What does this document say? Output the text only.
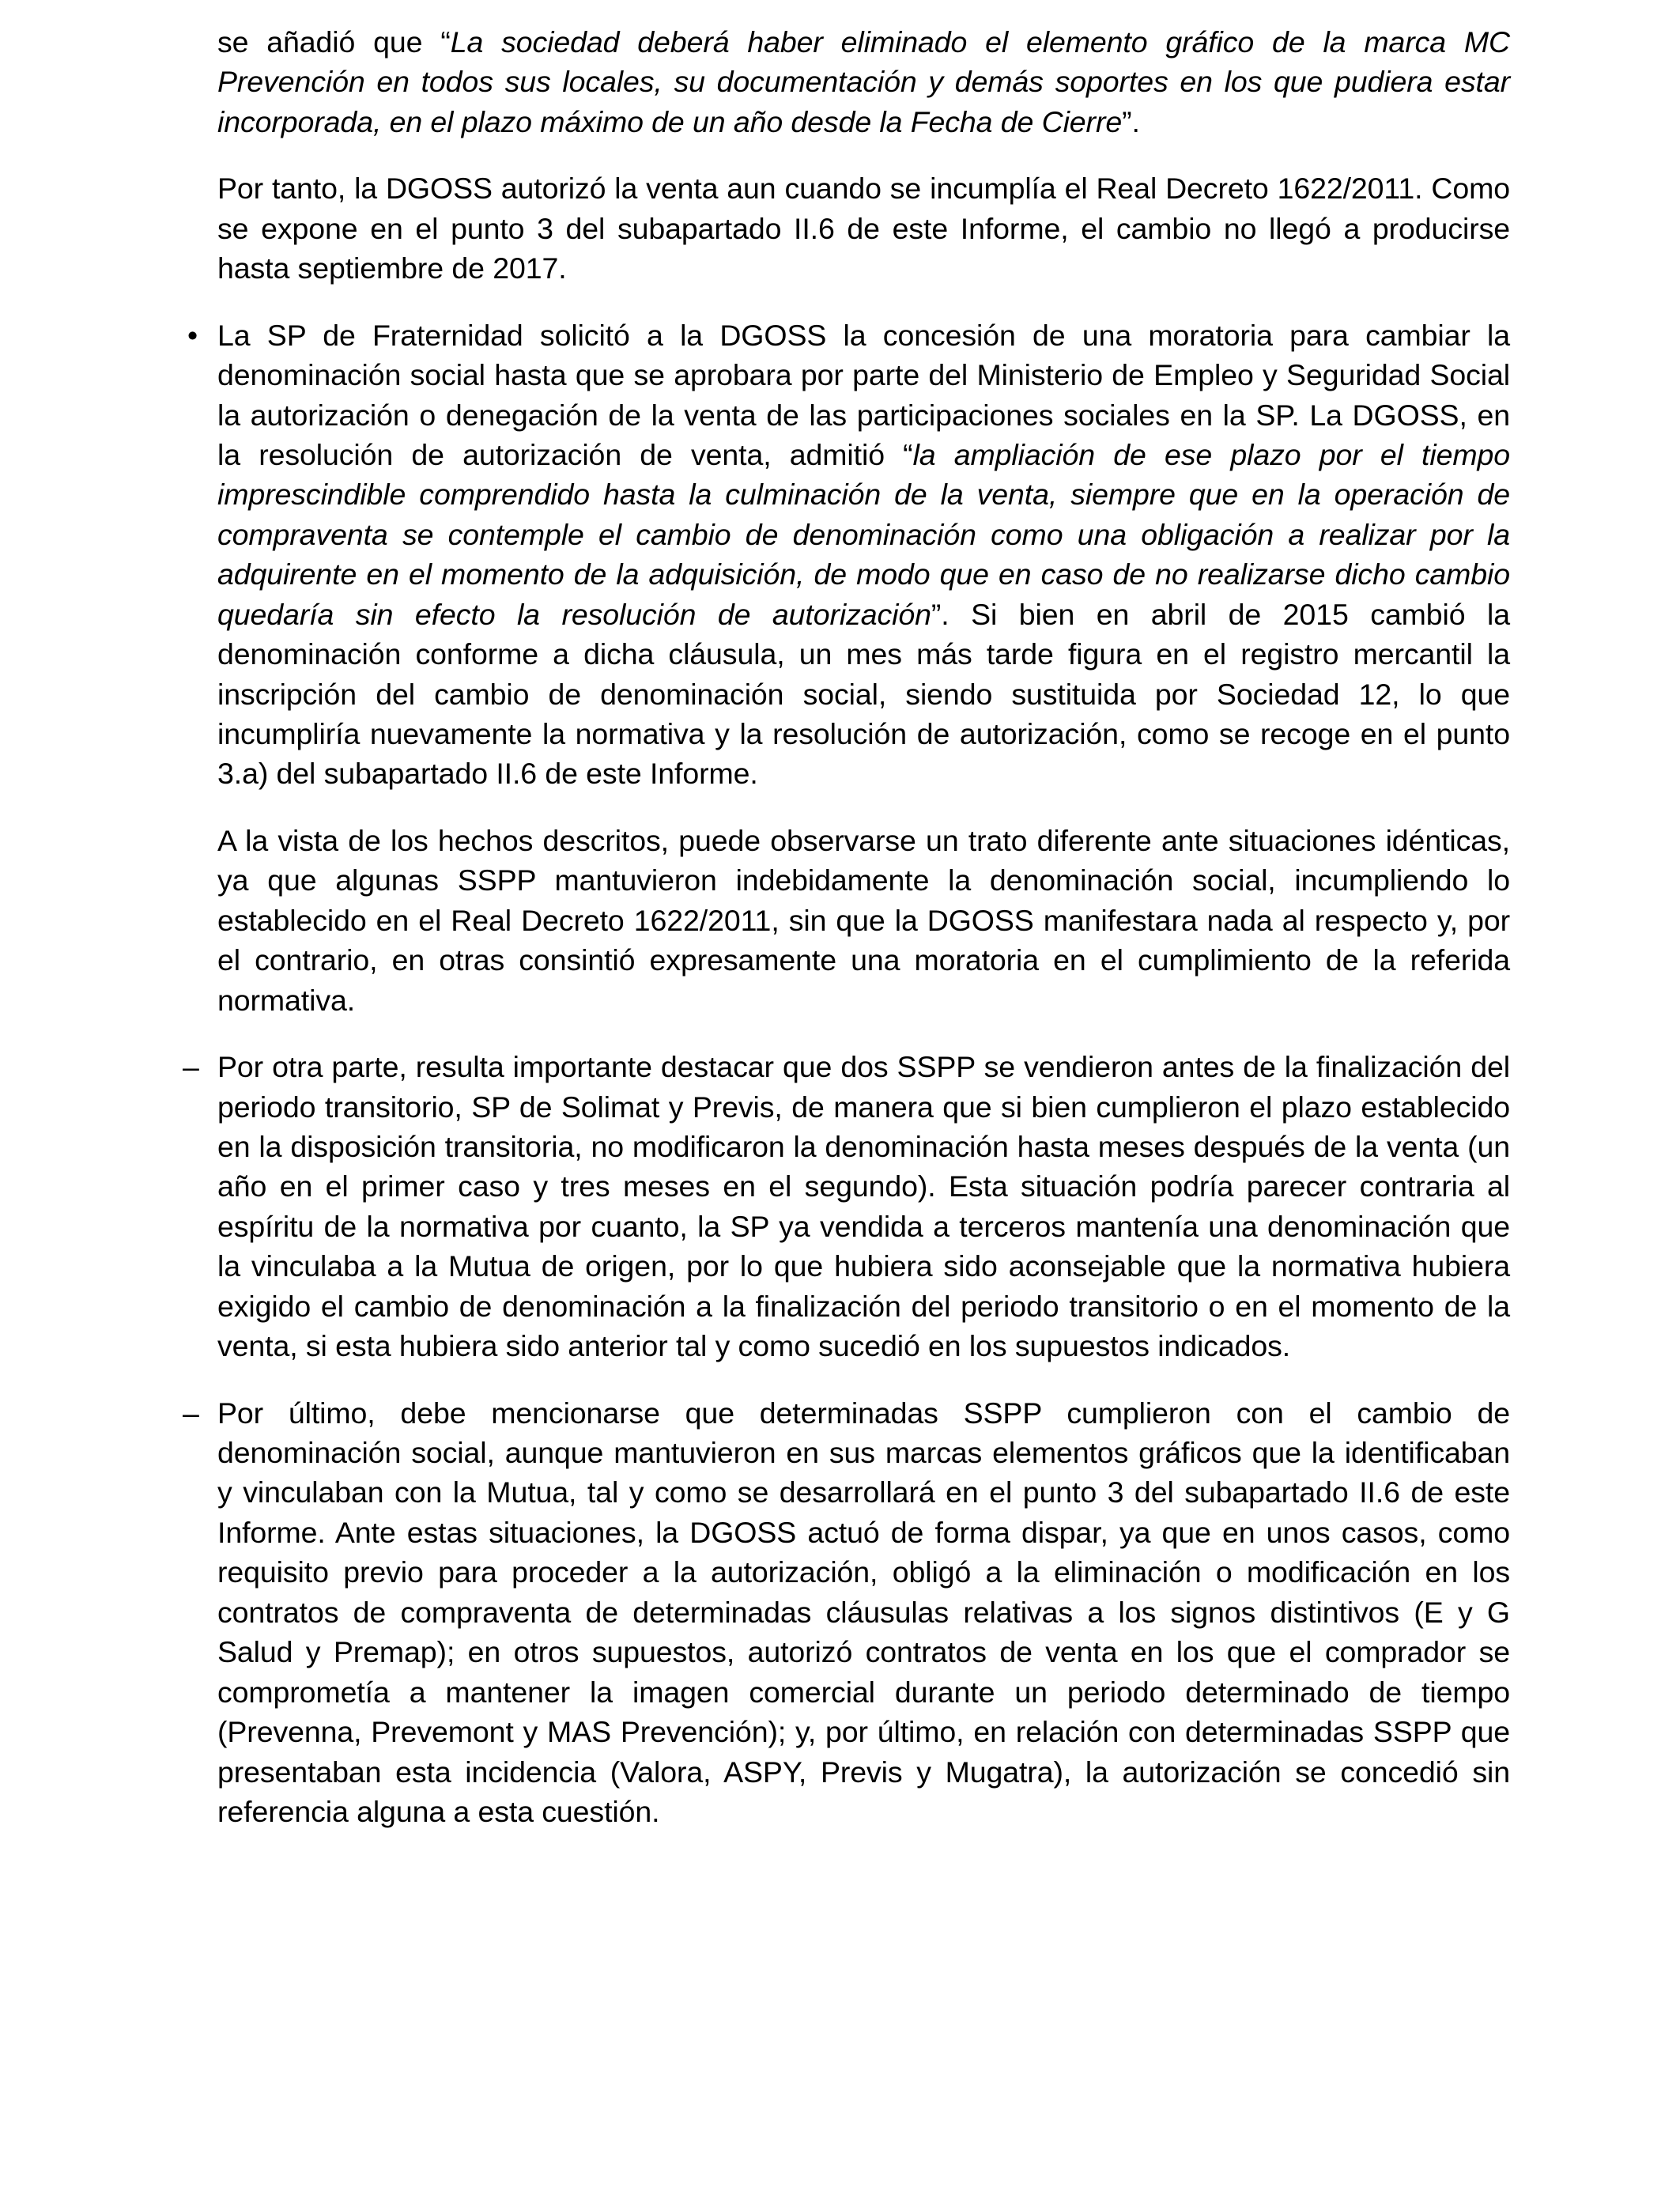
se añadió que “La sociedad deberá haber eliminado el elemento gráfico de la marca MC Prevención en todos sus locales, su documentación y demás soportes en los que pudiera estar incorporada, en el plazo máximo de un año desde la Fecha de Cierre”.

Por tanto, la DGOSS autorizó la venta aun cuando se incumplía el Real Decreto 1622/2011. Como se expone en el punto 3 del subapartado II.6 de este Informe, el cambio no llegó a producirse hasta septiembre de 2017.

• La SP de Fraternidad solicitó a la DGOSS la concesión de una moratoria para cambiar la denominación social hasta que se aprobara por parte del Ministerio de Empleo y Seguridad Social la autorización o denegación de la venta de las participaciones sociales en la SP. La DGOSS, en la resolución de autorización de venta, admitió “la ampliación de ese plazo por el tiempo imprescindible comprendido hasta la culminación de la venta, siempre que en la operación de compraventa se contemple el cambio de denominación como una obligación a realizar por la adquirente en el momento de la adquisición, de modo que en caso de no realizarse dicho cambio quedaría sin efecto la resolución de autorización”. Si bien en abril de 2015 cambió la denominación conforme a dicha cláusula, un mes más tarde figura en el registro mercantil la inscripción del cambio de denominación social, siendo sustituida por Sociedad 12, lo que incumpliría nuevamente la normativa y la resolución de autorización, como se recoge en el punto 3.a) del subapartado II.6 de este Informe.

A la vista de los hechos descritos, puede observarse un trato diferente ante situaciones idénticas, ya que algunas SSPP mantuvieron indebidamente la denominación social, incumpliendo lo establecido en el Real Decreto 1622/2011, sin que la DGOSS manifestara nada al respecto y, por el contrario, en otras consintió expresamente una moratoria en el cumplimiento de la referida normativa.

– Por otra parte, resulta importante destacar que dos SSPP se vendieron antes de la finalización del periodo transitorio, SP de Solimat y Previs, de manera que si bien cumplieron el plazo establecido en la disposición transitoria, no modificaron la denominación hasta meses después de la venta (un año en el primer caso y tres meses en el segundo). Esta situación podría parecer contraria al espíritu de la normativa por cuanto, la SP ya vendida a terceros mantenía una denominación que la vinculaba a la Mutua de origen, por lo que hubiera sido aconsejable que la normativa hubiera exigido el cambio de denominación a la finalización del periodo transitorio o en el momento de la venta, si esta hubiera sido anterior tal y como sucedió en los supuestos indicados.
– Por último, debe mencionarse que determinadas SSPP cumplieron con el cambio de denominación social, aunque mantuvieron en sus marcas elementos gráficos que la identificaban y vinculaban con la Mutua, tal y como se desarrollará en el punto 3 del subapartado II.6 de este Informe. Ante estas situaciones, la DGOSS actuó de forma dispar, ya que en unos casos, como requisito previo para proceder a la autorización, obligó a la eliminación o modificación en los contratos de compraventa de determinadas cláusulas relativas a los signos distintivos (E y G Salud y Premap); en otros supuestos, autorizó contratos de venta en los que el comprador se comprometía a mantener la imagen comercial durante un periodo determinado de tiempo (Prevenna, Prevemont y MAS Prevención); y, por último, en relación con determinadas SSPP que presentaban esta incidencia (Valora, ASPY, Previs y Mugatra), la autorización se concedió sin referencia alguna a esta cuestión.
